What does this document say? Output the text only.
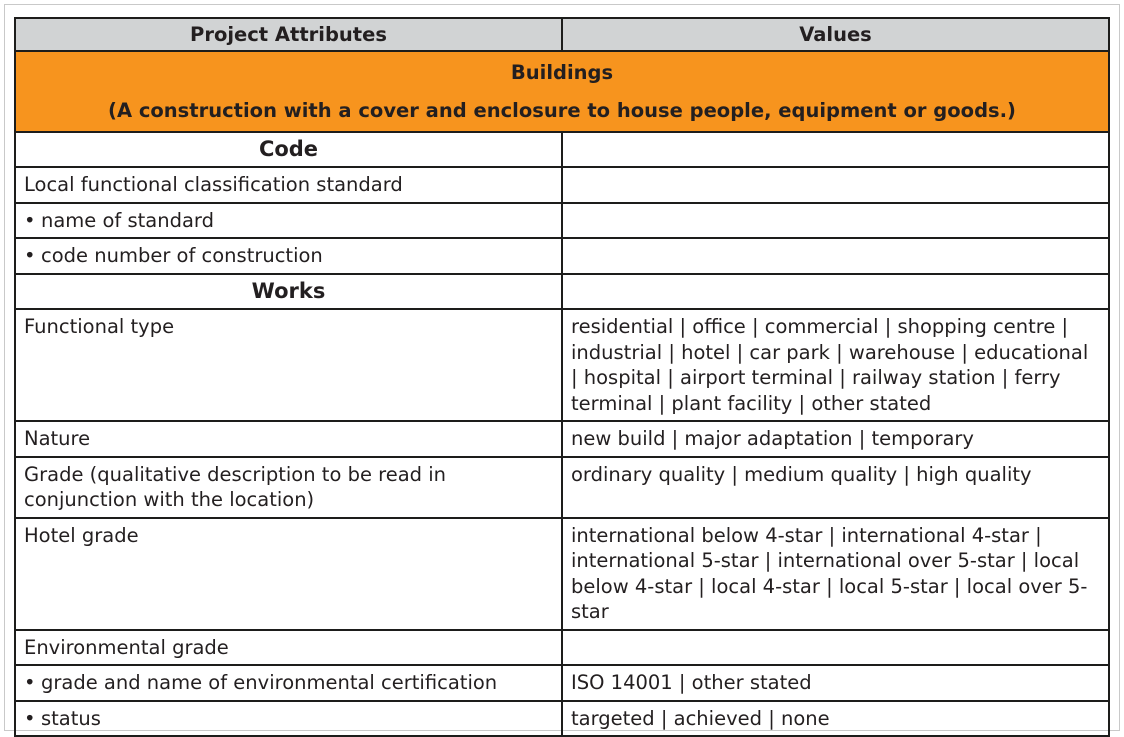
Project Attributes	Values

Buildings
(A construction with a cover and enclosure to house people, equipment or goods.)	

Code	
Local functional classification standard	
• name of standard	
• code number of construction	
Works	
Functional type	residential | office | commercial | shopping centre | industrial | hotel | car park | warehouse | educational | hospital | airport terminal | railway station | ferry terminal | plant facility | other stated
Nature	new build | major adaptation | temporary
Grade (qualitative description to be read in conjunction with the location)	ordinary quality | medium quality | high quality
Hotel grade	international below 4-star | international 4-star | international 5-star | international over 5-star | local below 4-star | local 4-star | local 5-star | local over 5-star
Environmental grade	
• grade and name of environmental certification	ISO 14001 | other stated
• status	targeted | achieved | none
